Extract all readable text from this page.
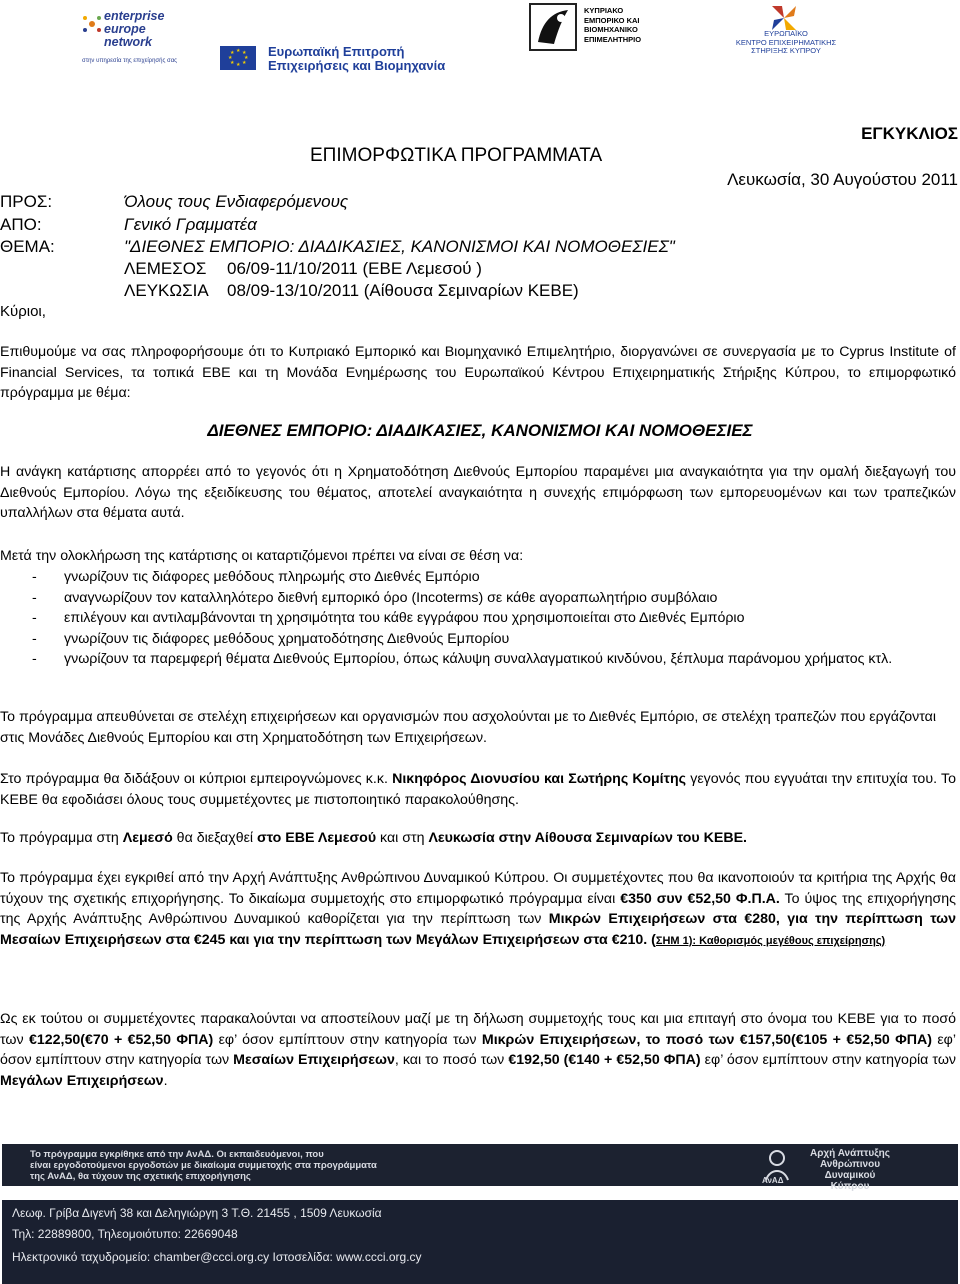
enterprise
europe
network
στην υπηρεσία της επιχείρησής σας
★
★ ★
★ ★
★ ★
★
Ευρωπαϊκή Επιτροπή
Επιχειρήσεις και Βιομηχανία
ΚΥΠΡΙΑΚΟ
ΕΜΠΟΡΙΚΟ ΚΑΙ
ΒΙΟΜΗΧΑΝΙΚΟ
ΕΠΙΜΕΛΗΤΗΡΙΟ
ΕΥΡΩΠΑΪΚΟ
ΚΕΝΤΡΟ ΕΠΙΧΕΙΡΗΜΑΤΙΚΗΣ
ΣΤΗΡΙΞΗΣ ΚΥΠΡΟΥ
ΕΓΚΥΚΛΙΟΣ
ΕΠΙΜΟΡΦΩΤΙΚΑ ΠΡΟΓΡΑΜΜΑΤΑ
Λευκωσία, 30 Αυγούστου 2011
ΠΡΟΣ:	Όλους τους Ενδιαφερόμενους
ΑΠΟ:	Γενικό Γραμματέα
ΘΕΜΑ:	"ΔΙΕΘΝΕΣ ΕΜΠΟΡΙΟ: ΔΙΑΔΙΚΑΣΙΕΣ, ΚΑΝΟΝΙΣΜΟΙ ΚΑΙ ΝΟΜΟΘΕΣΙΕΣ"
ΛΕΜΕΣΟΣ 06/09-11/10/2011 (ΕΒΕ Λεμεσού )
ΛΕΥΚΩΣΙΑ 08/09-13/10/2011 (Αίθουσα Σεμιναρίων ΚΕΒΕ)
Κύριοι,
Επιθυμούμε να σας πληροφορήσουμε ότι το Κυπριακό Εμπορικό και Βιομηχανικό Επιμελητήριο, διοργανώνει σε συνεργασία με το Cyprus Institute of Financial Services, τα τοπικά ΕΒΕ και τη Μονάδα Ενημέρωσης του Ευρωπαϊκού Κέντρου Επιχειρηματικής Στήριξης Κύπρου, το επιμορφωτικό πρόγραμμα με θέμα:
ΔΙΕΘΝΕΣ ΕΜΠΟΡΙΟ: ΔΙΑΔΙΚΑΣΙΕΣ, ΚΑΝΟΝΙΣΜΟΙ ΚΑΙ ΝΟΜΟΘΕΣΙΕΣ
Η ανάγκη κατάρτισης απορρέει από το γεγονός ότι η Χρηματοδότηση Διεθνούς Εμπορίου παραμένει μια αναγκαιότητα για την ομαλή διεξαγωγή του Διεθνούς Εμπορίου. Λόγω της εξειδίκευσης του θέματος, αποτελεί αναγκαιότητα η συνεχής επιμόρφωση των εμπορευομένων και των τραπεζικών υπαλλήλων στα θέματα αυτά.
Μετά την ολοκλήρωση της κατάρτισης οι καταρτιζόμενοι πρέπει να είναι σε θέση να:
- γνωρίζουν τις διάφορες μεθόδους πληρωμής στο Διεθνές Εμπόριο
- αναγνωρίζουν τον καταλληλότερο διεθνή εμπορικό όρο (Incoterms) σε κάθε αγοραπωλητήριο συμβόλαιο
- επιλέγουν και αντιλαμβάνονται τη χρησιμότητα του κάθε εγγράφου που χρησιμοποιείται στο Διεθνές Εμπόριο
- γνωρίζουν τις διάφορες μεθόδους χρηματοδότησης Διεθνούς Εμπορίου
- γνωρίζουν τα παρεμφερή θέματα Διεθνούς Εμπορίου, όπως κάλυψη συναλλαγματικού κινδύνου, ξέπλυμα παράνομου χρήματος κτλ.
Το πρόγραμμα απευθύνεται σε στελέχη επιχειρήσεων και οργανισμών που ασχολούνται με το Διεθνές Εμπόριο, σε στελέχη τραπεζών που εργάζονται στις Μονάδες Διεθνούς Εμπορίου και στη Χρηματοδότηση των Επιχειρήσεων.
Στο πρόγραμμα θα διδάξουν οι κύπριοι εμπειρογνώμονες κ.κ. Νικηφόρος Διονυσίου και Σωτήρης Κομίτης γεγονός που εγγυάται την επιτυχία του. Το ΚΕΒΕ θα εφοδιάσει όλους τους συμμετέχοντες με πιστοποιητικό παρακολούθησης.
Το πρόγραμμα στη Λεμεσό θα διεξαχθεί στο ΕΒΕ Λεμεσού και στη Λευκωσία στην Αίθουσα Σεμιναρίων του ΚΕΒΕ.
Το πρόγραμμα έχει εγκριθεί από την Αρχή Ανάπτυξης Ανθρώπινου Δυναμικού Κύπρου. Οι συμμετέχοντες που θα ικανοποιούν τα κριτήρια της Αρχής θα τύχουν της σχετικής επιχορήγησης. Το δικαίωμα συμμετοχής στο επιμορφωτικό πρόγραμμα είναι €350 συν €52,50 Φ.Π.Α. Το ύψος της επιχορήγησης της Αρχής Ανάπτυξης Ανθρώπινου Δυναμικού καθορίζεται για την περίπτωση των Μικρών Επιχειρήσεων στα €280, για την περίπτωση των Μεσαίων Επιχειρήσεων στα €245 και για την περίπτωση των Μεγάλων Επιχειρήσεων στα €210. (ΣΗΜ 1): Καθορισμός μεγέθους επιχείρησης)
Ως εκ τούτου οι συμμετέχοντες παρακαλούνται να αποστείλουν μαζί με τη δήλωση συμμετοχής τους και μια επιταγή στο όνομα του ΚΕΒΕ για το ποσό των €122,50(€70 + €52,50 ΦΠΑ) εφ’ όσον εμπίπτουν στην κατηγορία των Μικρών Επιχειρήσεων, το ποσό των €157,50(€105 + €52,50 ΦΠΑ) εφ’ όσον εμπίπτουν στην κατηγορία των Μεσαίων Επιχειρήσεων, και το ποσό των €192,50 (€140 + €52,50 ΦΠΑ) εφ’ όσον εμπίπτουν στην κατηγορία των Μεγάλων Επιχειρήσεων.
Το πρόγραμμα εγκρίθηκε από την ΑνΑΔ. Οι εκπαιδευόμενοι, που
είναι εργοδοτούμενοι εργοδοτών με δικαίωμα συμμετοχής στα προγράμματα
της ΑνΑΔ, θα τύχουν της σχετικής επιχορήγησης
Αρχή Ανάπτυξης
Ανθρώπινου Δυναμικού
Κύπρου
ΑνΑΔ
Λεωφ. Γρίβα Διγενή 38 και Δεληγιώργη 3 Τ.Θ. 21455 , 1509 Λευκωσία
Τηλ: 22889800, Τηλεομοιότυπο: 22669048
Ηλεκτρονικό ταχυδρομείο: chamber@ccci.org.cy Ιστοσελίδα: www.ccci.org.cy
